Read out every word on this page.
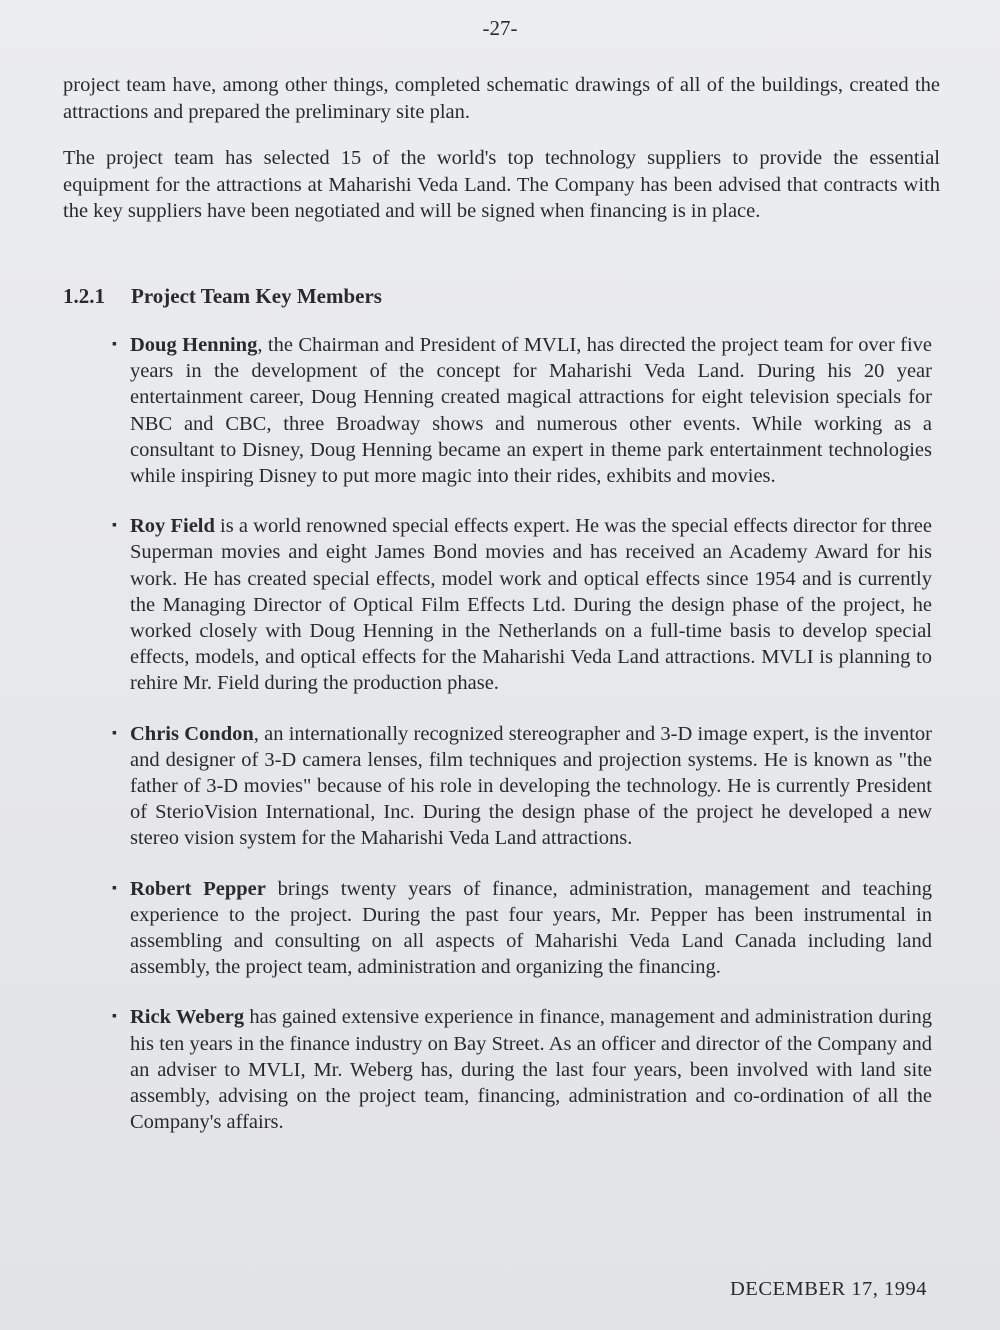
-27-

project team have, among other things, completed schematic drawings of all of the buildings, created the attractions and prepared the preliminary site plan.

The project team has selected 15 of the world's top technology suppliers to provide the essential equipment for the attractions at Maharishi Veda Land. The Company has been advised that contracts with the key suppliers have been negotiated and will be signed when financing is in place.

1.2.1 Project Team Key Members
▪ Doug Henning, the Chairman and President of MVLI, has directed the project team for over five years in the development of the concept for Maharishi Veda Land. During his 20 year entertainment career, Doug Henning created magical attractions for eight television specials for NBC and CBC, three Broadway shows and numerous other events. While working as a consultant to Disney, Doug Henning became an expert in theme park entertainment technologies while inspiring Disney to put more magic into their rides, exhibits and movies.
▪ Roy Field is a world renowned special effects expert. He was the special effects director for three Superman movies and eight James Bond movies and has received an Academy Award for his work. He has created special effects, model work and optical effects since 1954 and is currently the Managing Director of Optical Film Effects Ltd. During the design phase of the project, he worked closely with Doug Henning in the Netherlands on a full-time basis to develop special effects, models, and optical effects for the Maharishi Veda Land attractions. MVLI is planning to rehire Mr. Field during the production phase.
▪ Chris Condon, an internationally recognized stereographer and 3-D image expert, is the inventor and designer of 3-D camera lenses, film techniques and projection systems. He is known as "the father of 3-D movies" because of his role in developing the technology. He is currently President of SterioVision International, Inc. During the design phase of the project he developed a new stereo vision system for the Maharishi Veda Land attractions.
▪ Robert Pepper brings twenty years of finance, administration, management and teaching experience to the project. During the past four years, Mr. Pepper has been instrumental in assembling and consulting on all aspects of Maharishi Veda Land Canada including land assembly, the project team, administration and organizing the financing.
▪ Rick Weberg has gained extensive experience in finance, management and administration during his ten years in the finance industry on Bay Street. As an officer and director of the Company and an adviser to MVLI, Mr. Weberg has, during the last four years, been involved with land site assembly, advising on the project team, financing, administration and co-ordination of all the Company's affairs.
DECEMBER 17, 1994
